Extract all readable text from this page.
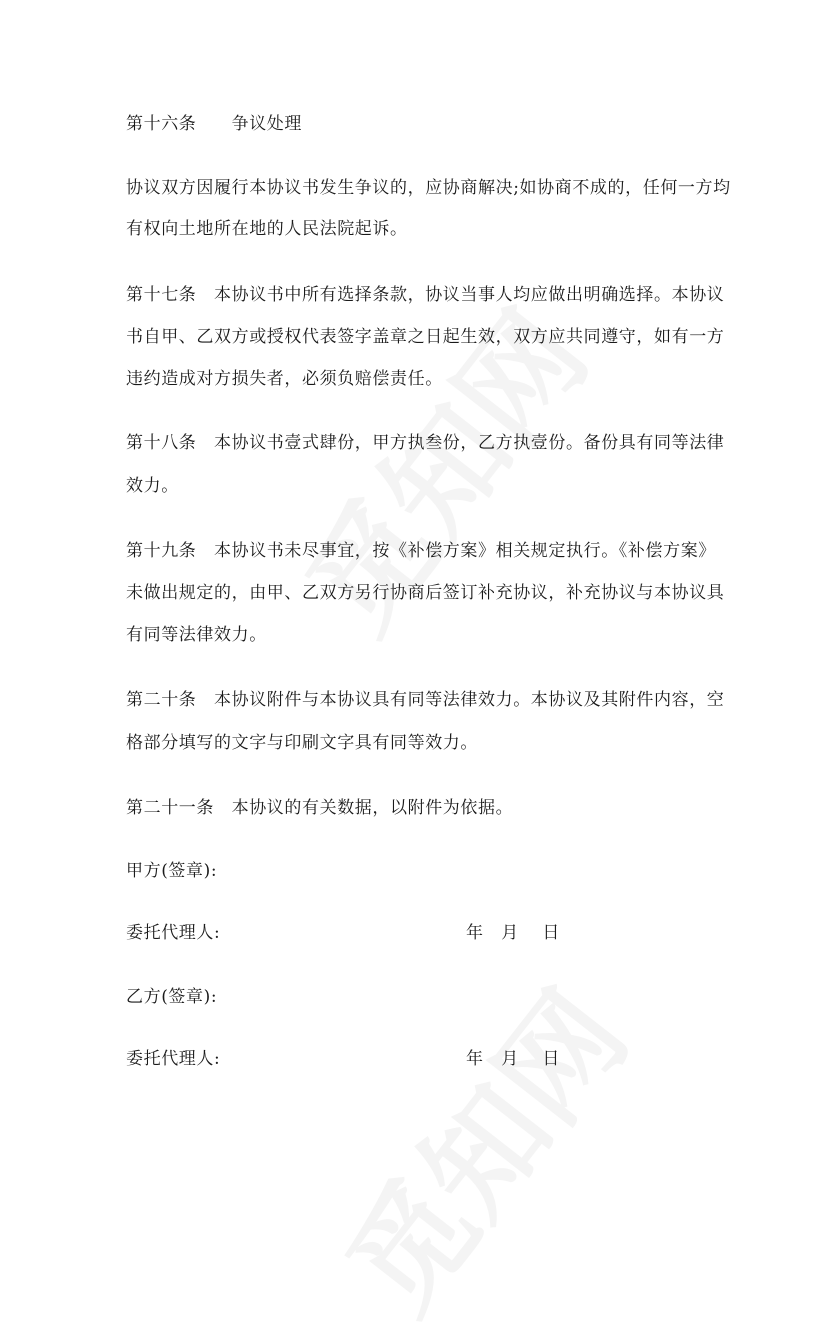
第十六条　　争议处理
协议双方因履行本协议书发生争议的，应协商解决;如协商不成的，任何一方均
有权向土地所在地的人民法院起诉。
第十七条　本协议书中所有选择条款，协议当事人均应做出明确选择。本协议
书自甲、乙双方或授权代表签字盖章之日起生效，双方应共同遵守，如有一方
违约造成对方损失者，必须负赔偿责任。
第十八条　本协议书壹式肆份，甲方执叁份，乙方执壹份。备份具有同等法律
效力。
第十九条　本协议书未尽事宜，按《补偿方案》相关规定执行。《补偿方案》
未做出规定的，由甲、乙双方另行协商后签订补充协议，补充协议与本协议具
有同等法律效力。
第二十条　本协议附件与本协议具有同等法律效力。本协议及其附件内容，空
格部分填写的文字与印刷文字具有同等效力。
第二十一条　本协议的有关数据，以附件为依据。
甲方(签章):
委托代理人:	年　月　 日
乙方(签章):
委托代理人:	年　月　 日
